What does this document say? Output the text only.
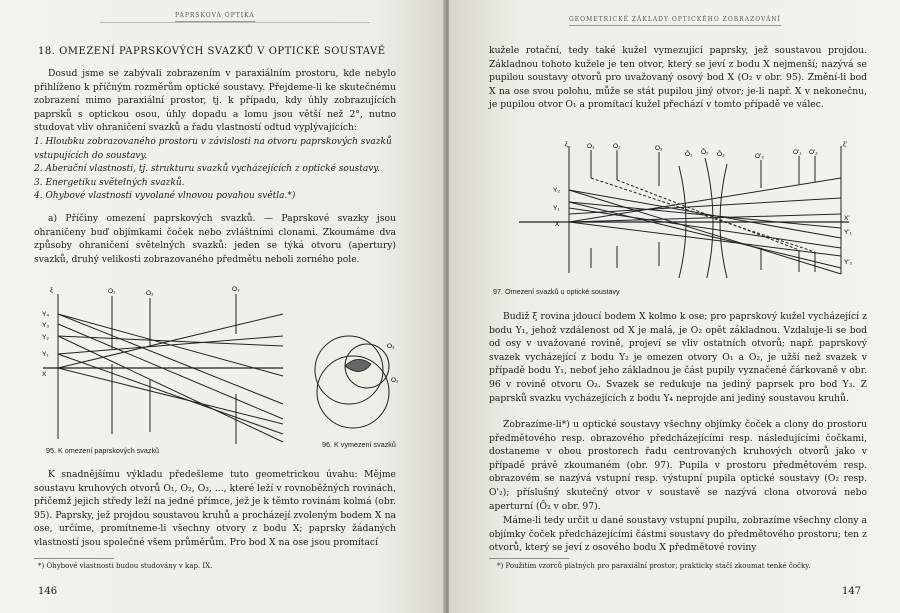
PAPRSKOVÁ OPTIKA
18. OMEZENÍ PAPRSKOVÝCH SVAZKŮ V OPTICKÉ SOUSTAVĚ
Dosud jsme se zabývali zobrazením v paraxiálním prostoru, kde nebylo přihlíženo k příčným rozměrům optické soustavy. Přejdeme-li ke skutečnému zobrazení mimo paraxiální prostor, tj. k případu, kdy úhly zobrazujících paprsků s optickou osou, úhly dopadu a lomu jsou větší než 2°, nutno studovat vliv ohraničení svazků a řadu vlastností odtud vyplývajících:
1. Hloubku zobrazovaného prostoru v závislosti na otvoru paprskových svazků vstupujících do soustavy.
2. Aberační vlastnosti, tj. strukturu svazků vycházejících z optické soustavy.
3. Energetiku světelných svazků.
4. Ohybové vlastnosti vyvolané vlnovou povahou světla.*)
a) Příčiny omezení paprskových svazků. — Paprskové svazky jsou ohraničeny buď objímkami čoček nebo zvláštními clonami. Zkoumáme dva způsoby ohraničení světelných svazků: jeden se týká otvoru (apertury) svazků, druhý velikosti zobrazovaného předmětu neboli zorného pole.
ξ	O₁	O₂
O₃
Y₄
Y₃
Y₂
Y₁
X
95. K omezení paprskových svazků
O₃
O₂
96. K vymezení svazků
K snadnějšímu výkladu předešleme tuto geometrickou úvahu: Mějme soustavu kruhových otvorů O₁, O₂, O₃, ..., které leží v rovnoběžných rovinách, přičemž jejich středy leží na jedné přímce, jež je k těmto rovinám kolmá (obr. 95). Paprsky, jež projdou soustavou kruhů a procházejí zvoleným bodem X na ose, určíme, promítneme-li všechny otvory z bodu X; paprsky žádaných vlastností jsou společné všem průměrům. Pro bod X na ose jsou promítací
*) Ohybové vlastnosti budou studovány v kap. IX.
146
GEOMETRICKÉ ZÁKLADY OPTICKÉHO ZOBRAZOVÁNÍ
kužele rotační, tedy také kužel vymezující paprsky, jež soustavou projdou. Základnou tohoto kužele je ten otvor, který se jeví z bodu X nejmenší; nazývá se pupilou soustavy otvorů pro uvažovaný osový bod X (O₂ v obr. 95). Změní-li bod X na ose svou polohu, může se stát pupilou jiný otvor; je-li např. X v nekonečnu, je pupilou otvor O₁ a promítací kužel přechází v tomto případě ve válec.
ξ	O₃	O₁	O₂
Ō₁ Ō₂ Ō₃	O'₃
O'₁ O'₂
ξ'
Y₂
Y₁
X
X'
Y'₁
Y'₂
97. Omezení svazků u optické soustavy
Budiž ξ rovina jdoucí bodem X kolmo k ose; pro paprskový kužel vycházející z bodu Y₁, jehož vzdálenost od X je malá, je O₂ opět základnou. Vzdaluje-li se bod od osy v uvažované rovině, projeví se vliv ostatních otvorů; např. paprskový svazek vycházející z bodu Y₂ je omezen otvory O₁ a O₂, je užší než svazek v případě bodu Y₁, neboť jeho základnou je část pupily vyznačené čárkovaně v obr. 96 v rovině otvoru O₂. Svazek se redukuje na jediný paprsek pro bod Y₃. Z paprsků svazku vycházejících z bodu Y₄ neprojde ani jediný soustavou kruhů.
Zobrazíme-li*) u optické soustavy všechny objímky čoček a clony do prostoru předmětového resp. obrazového předcházejícími resp. následujícími čočkami, dostaneme v obou prostorech řadu centrovaných kruhových otvorů jako v případě právě zkoumaném (obr. 97). Pupila v prostoru předmětovém resp. obrazovém se nazývá vstupní resp. výstupní pupila optické soustavy (O₂ resp. O'₂); příslušný skutečný otvor v soustavě se nazývá clona otvorová nebo aperturní (Ō₂ v obr. 97).
Máme-li tedy určit u dané soustavy vstupní pupilu, zobrazíme všechny clony a objímky čoček předcházejícími částmi soustavy do předmětového prostoru; ten z otvorů, který se jeví z osového bodu X předmětové roviny
*) Použitím vzorců platných pro paraxiální prostor; prakticky stačí zkoumat tenké čočky.
147
